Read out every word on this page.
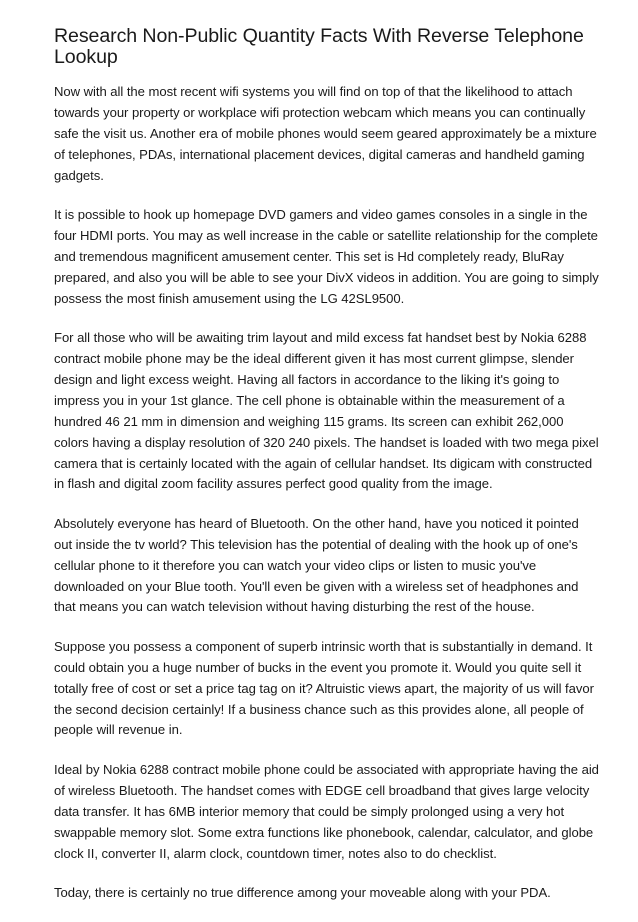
Research Non-Public Quantity Facts With Reverse Telephone Lookup

Now with all the most recent wifi systems you will find on top of that the likelihood to attach towards your property or workplace wifi protection webcam which means you can continually safe the visit us. Another era of mobile phones would seem geared approximately be a mixture of telephones, PDAs, international placement devices, digital cameras and handheld gaming gadgets.

It is possible to hook up homepage DVD gamers and video games consoles in a single in the four HDMI ports. You may as well increase in the cable or satellite relationship for the complete and tremendous magnificent amusement center. This set is Hd completely ready, BluRay prepared, and also you will be able to see your DivX videos in addition. You are going to simply possess the most finish amusement using the LG 42SL9500.

For all those who will be awaiting trim layout and mild excess fat handset best by Nokia 6288 contract mobile phone may be the ideal different given it has most current glimpse, slender design and light excess weight. Having all factors in accordance to the liking it's going to impress you in your 1st glance. The cell phone is obtainable within the measurement of a hundred 46 21 mm in dimension and weighing 115 grams. Its screen can exhibit 262,000 colors having a display resolution of 320 240 pixels. The handset is loaded with two mega pixel camera that is certainly located with the again of cellular handset. Its digicam with constructed in flash and digital zoom facility assures perfect good quality from the image.

Absolutely everyone has heard of Bluetooth. On the other hand, have you noticed it pointed out inside the tv world? This television has the potential of dealing with the hook up of one's cellular phone to it therefore you can watch your video clips or listen to music you've downloaded on your Blue tooth. You'll even be given with a wireless set of headphones and that means you can watch television without having disturbing the rest of the house.

Suppose you possess a component of superb intrinsic worth that is substantially in demand. It could obtain you a huge number of bucks in the event you promote it. Would you quite sell it totally free of cost or set a price tag tag on it? Altruistic views apart, the majority of us will favor the second decision certainly! If a business chance such as this provides alone, all people of people will revenue in.

Ideal by Nokia 6288 contract mobile phone could be associated with appropriate having the aid of wireless Bluetooth. The handset comes with EDGE cell broadband that gives large velocity data transfer. It has 6MB interior memory that could be simply prolonged using a very hot swappable memory slot. Some extra functions like phonebook, calendar, calculator, and globe clock II, converter II, alarm clock, countdown timer, notes also to do checklist.

Today, there is certainly no true difference among your moveable along with your PDA.
